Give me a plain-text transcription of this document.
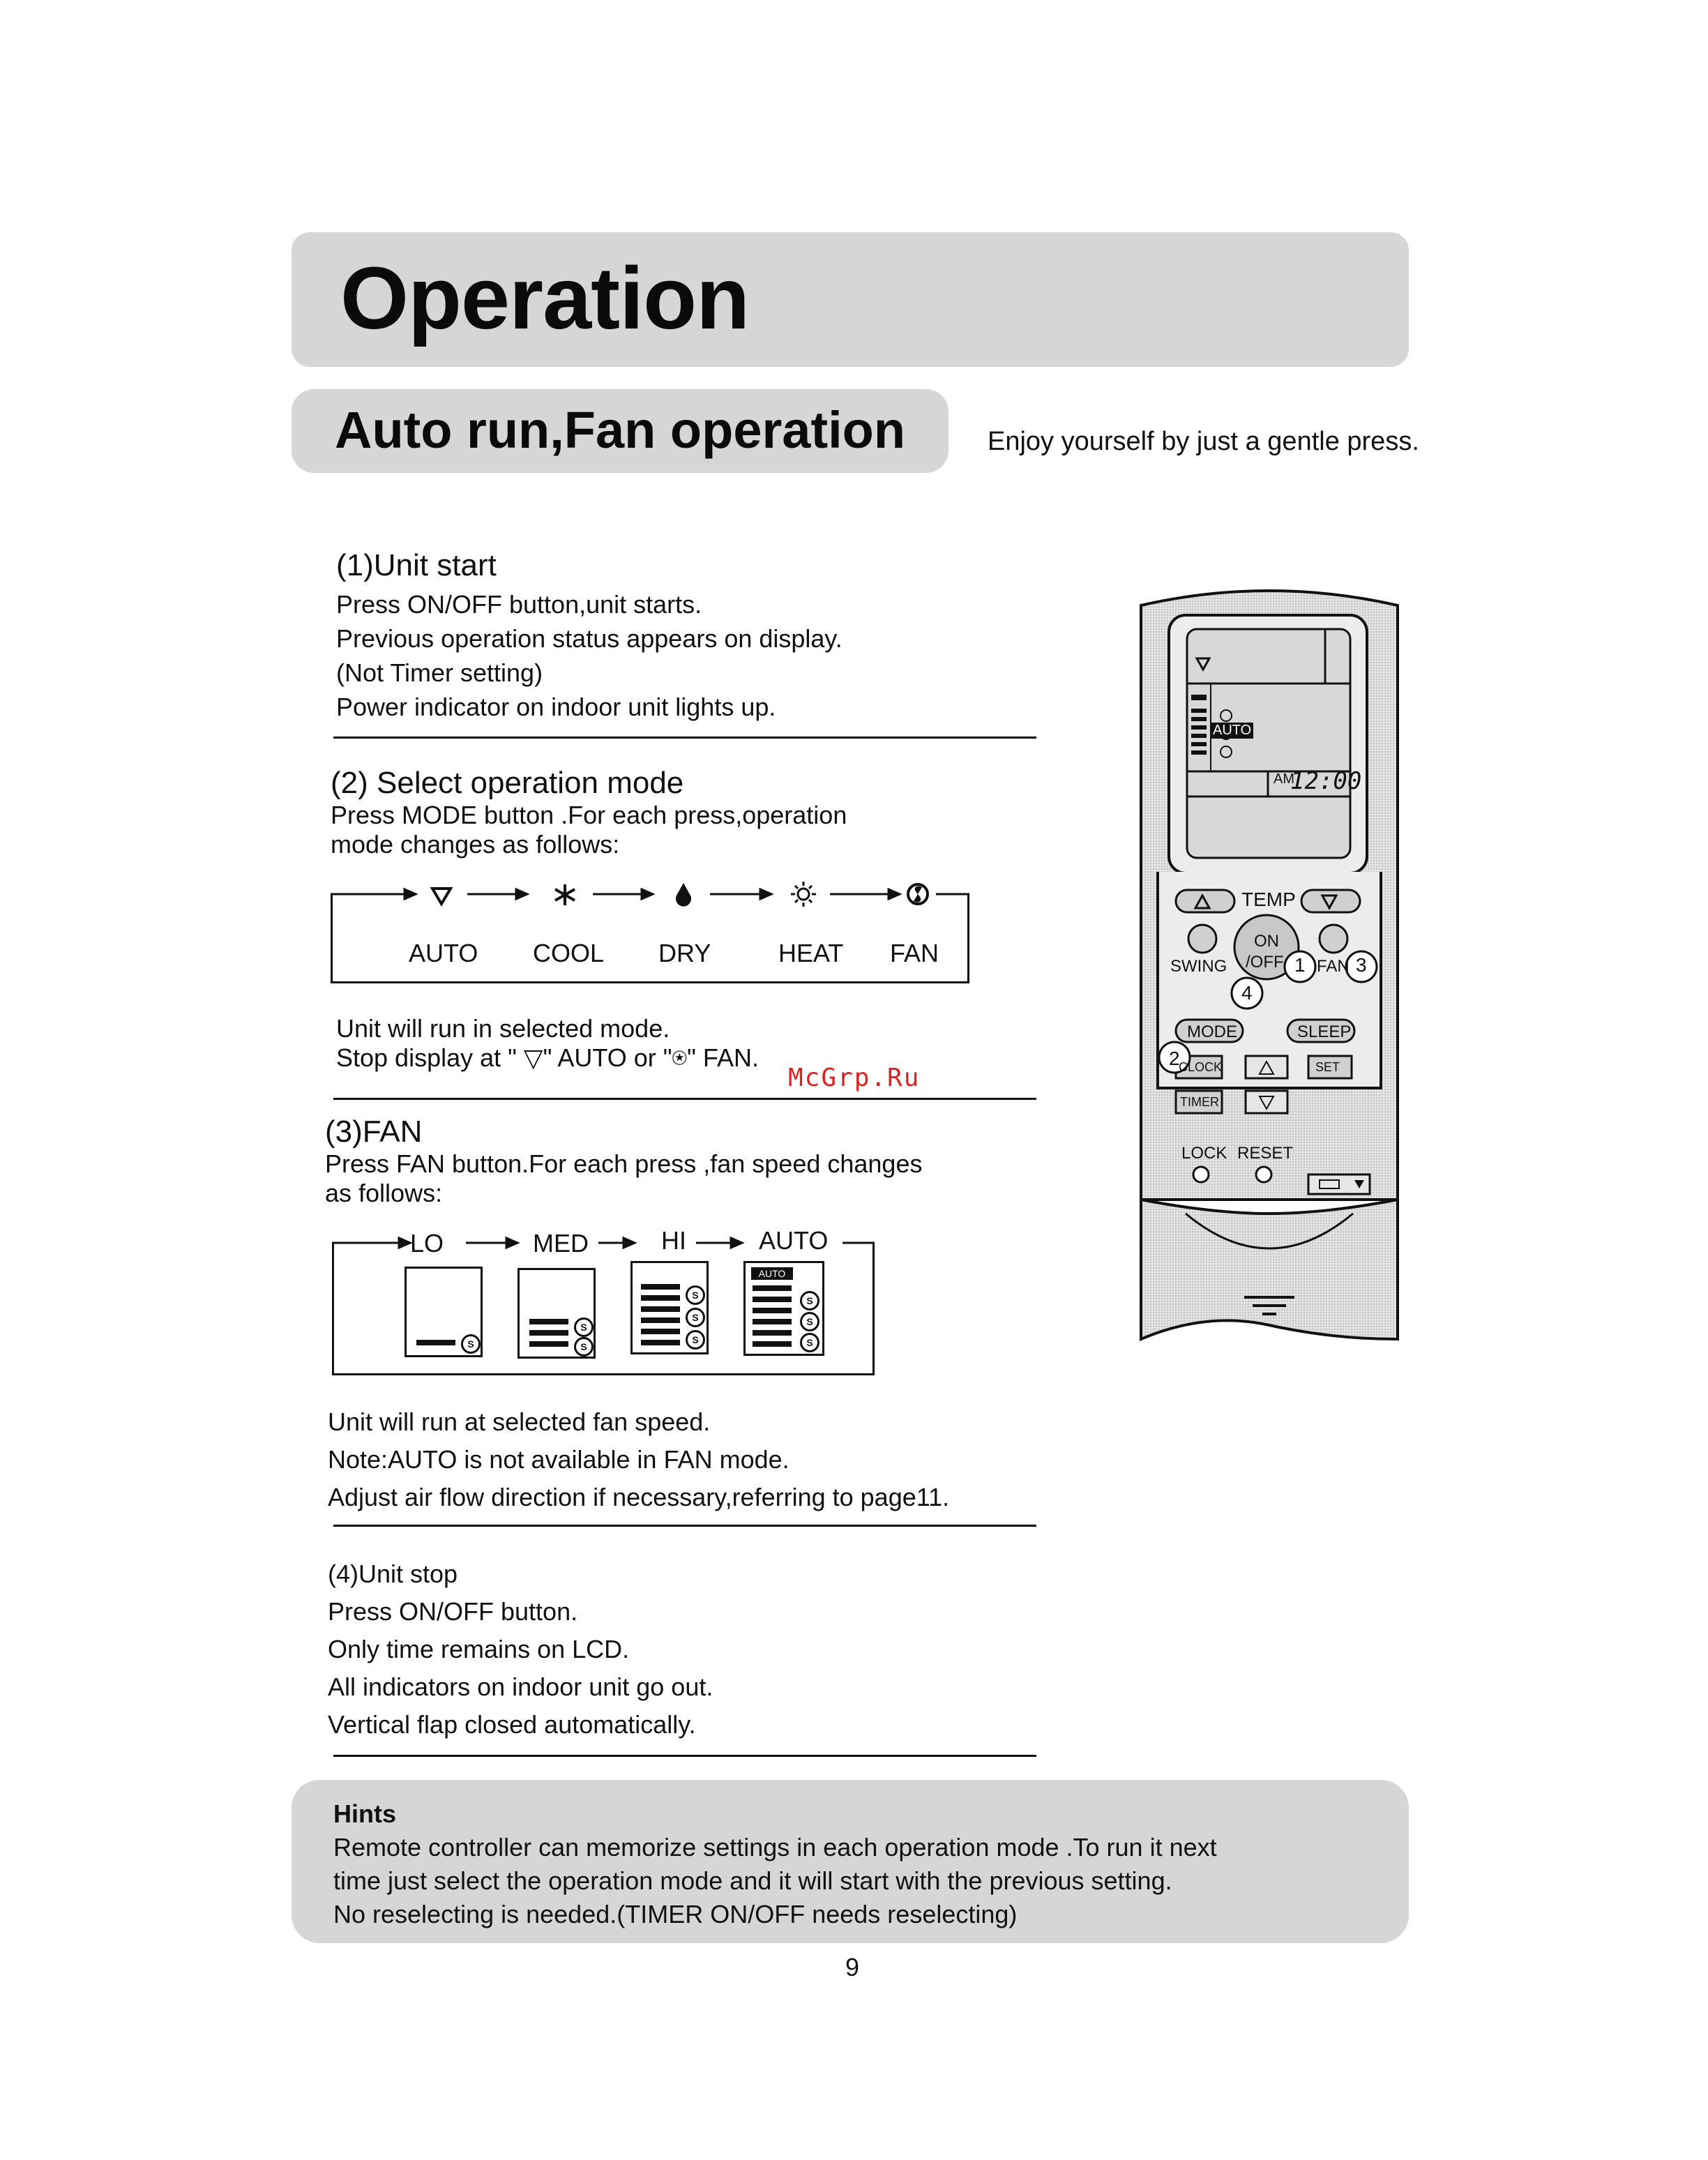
Operation
Auto run,Fan operation	Enjoy yourself by just a gentle press.
(1)Unit start
Press ON/OFF button,unit starts.
Previous operation status appears on display.
(Not Timer setting)
Power indicator on indoor unit lights up.
(2) Select operation mode
Press MODE button .For each press,operation
mode changes as follows:
AUTO COOL DRY	HEAT FAN
Unit will run in selected mode.
Stop display at " ▽" AUTO or "⍟" FAN.
McGrp.Ru
(3)FAN
Press FAN button.For each press ,fan speed changes
as follows:
LO	MED	HI	AUTO
S
S
S
S
S
S
AUTO
S
S
S
Unit will run at selected fan speed.
Note:AUTO is not available in FAN mode.
Adjust air flow direction if necessary,referring to page11.
(4)Unit stop
Press ON/OFF button.
Only time remains on LCD.
All indicators on indoor unit go out.
Vertical flap closed automatically.
AUTO
AM
12:00
TEMP
SWING
ON
/OFF FAN
MODE	SLEEP
CLOCK	SET
TIMER
LOCK RESET
1
2
3
4
Hints
Remote controller can memorize settings in each operation mode .To run it next
time just select the operation mode and it will start with the previous setting.
No reselecting is needed.(TIMER ON/OFF needs reselecting)
9
